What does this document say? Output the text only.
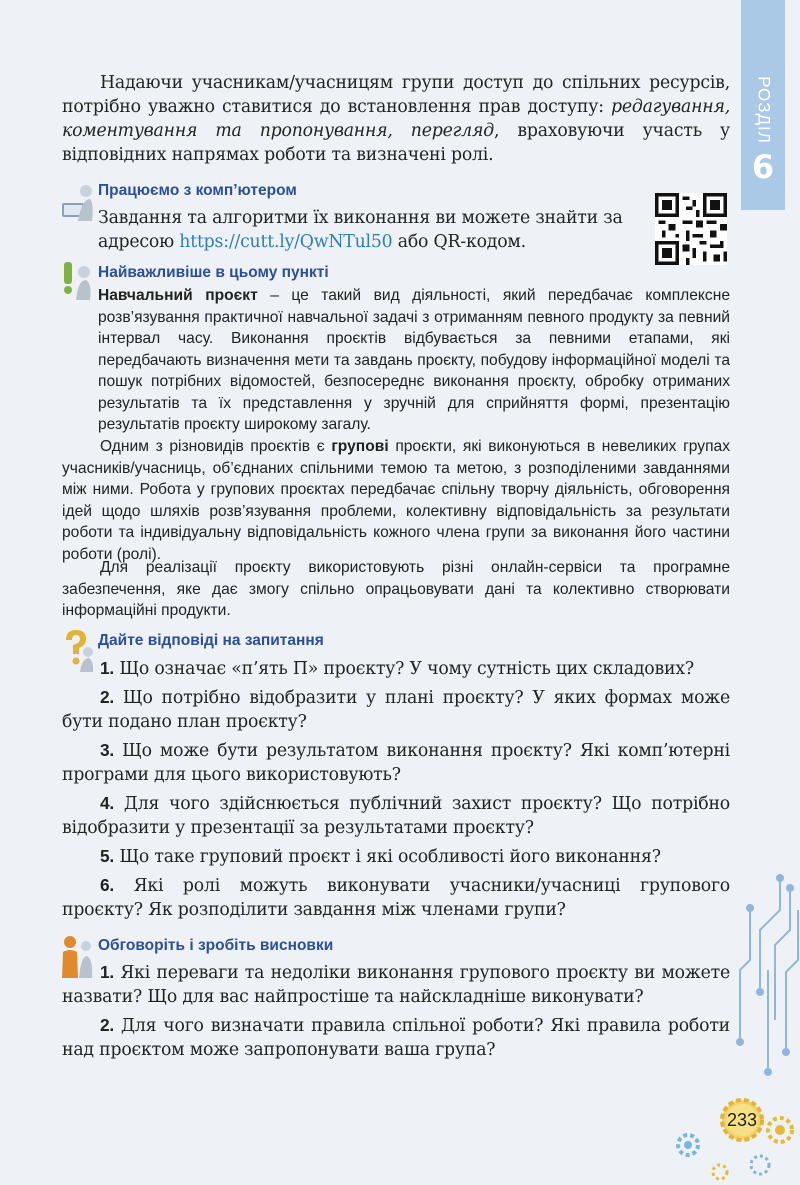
РОЗДІЛ
6

Надаючи учасникам/учасницям групи доступ до спільних ресурсів, потрібно уважно ставитися до встановлення прав доступу: редагування, коментування та пропонування, перегляд, враховуючи участь у відповідних напрямах роботи та визначені ролі.

Працюємо з комп’ютером
Завдання та алгоритми їх виконання ви можете знайти за адресою https://cutt.ly/QwNTul50 або QR-кодом.
Найважливіше в цьому пункті

Навчальний проєкт – це такий вид діяльності, який передбачає комплексне розв’язування практичної навчальної задачі з отриманням певного продукту за певний інтервал часу. Виконання проєктів відбувається за певними етапами, які передбачають визначення мети та завдань проєкту, побудову інформаційної моделі та пошук потрібних відомостей, безпосереднє виконання проєкту, обробку отриманих результатів та їх представлення у зручній для сприйняття формі, презентацію результатів проєкту широкому загалу.

Одним з різновидів проєктів є групові проєкти, які виконуються в невеликих групах учасників/учасниць, об’єднаних спільними темою та метою, з розподіленими завданнями між ними. Робота у групових проєктах передбачає спільну творчу діяльність, обговорення ідей щодо шляхів розв’язування проблеми, колективну відповідальність за результати роботи та індивідуальну відповідальність кожного члена групи за виконання його частини роботи (ролі).

Для реалізації проєкту використовують різні онлайн-сервіси та програмне забезпечення, яке дає змогу спільно опрацьовувати дані та колективно створювати інформаційні продукти.

Дайте відповіді на запитання

1. Що означає «п’ять П» проєкту? У чому сутність цих складових?

2. Що потрібно відобразити у плані проєкту? У яких формах може бути подано план проєкту?

3. Що може бути результатом виконання проєкту? Які комп’ютерні програми для цього використовують?

4. Для чого здійснюється публічний захист проєкту? Що потрібно відобразити у презентації за результатами проєкту?

5. Що таке груповий проєкт і які особливості його виконання?

6. Які ролі можуть виконувати учасники/учасниці групового проєкту? Як розподілити завдання між членами групи?

Обговоріть і зробіть висновки

1. Які переваги та недоліки виконання групового проєкту ви можете назвати? Що для вас найпростіше та найскладніше виконувати?

2. Для чого визначати правила спільної роботи? Які правила роботи над проєктом може запропонувати ваша група?

233
